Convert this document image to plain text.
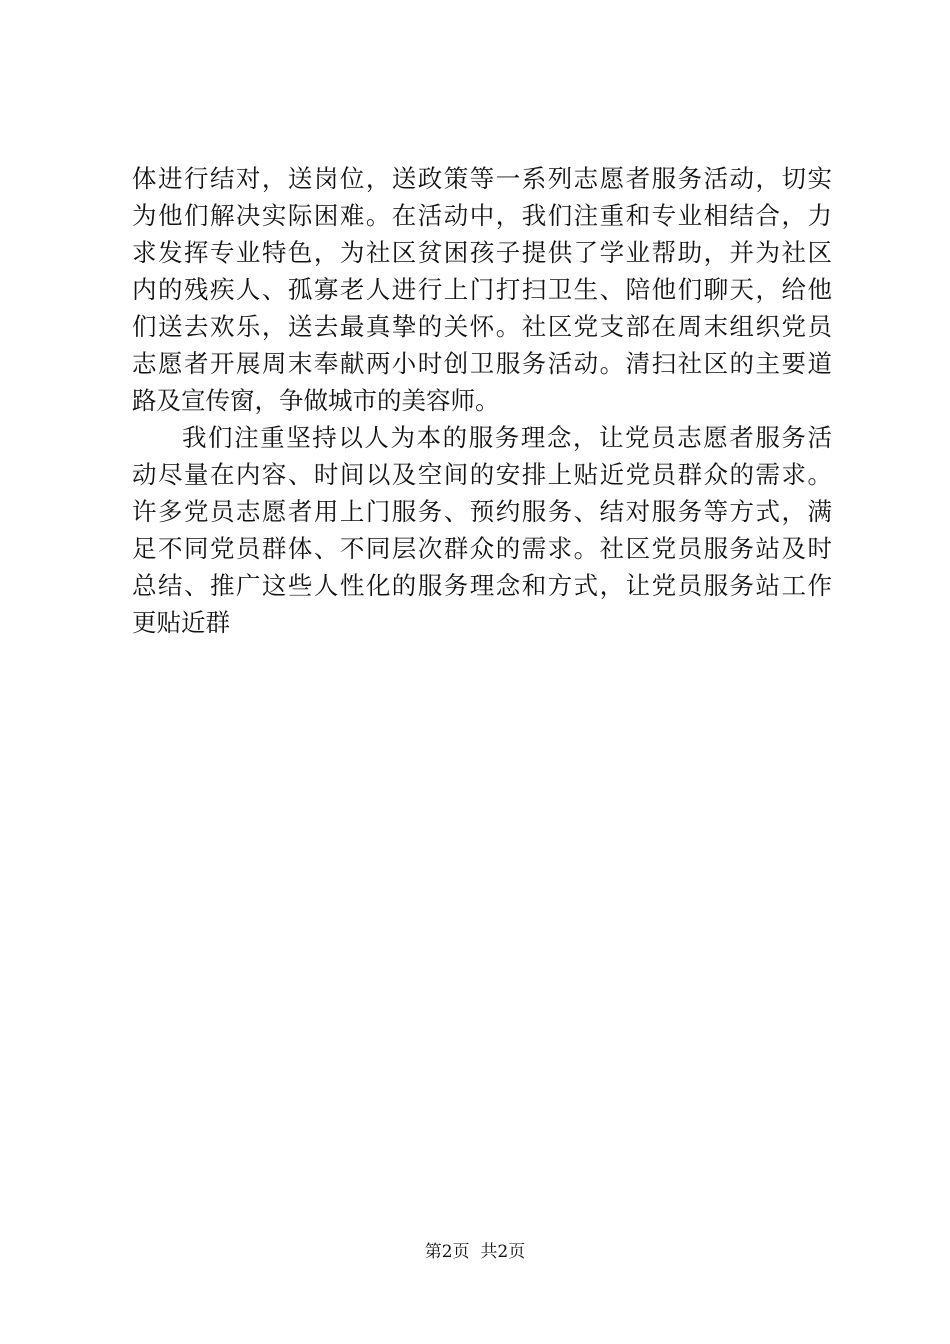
体进行结对，送岗位，送政策等一系列志愿者服务活动，切实
为他们解决实际困难。在活动中，我们注重和专业相结合，力
求发挥专业特色，为社区贫困孩子提供了学业帮助，并为社区
内的残疾人、孤寡老人进行上门打扫卫生、陪他们聊天，给他
们送去欢乐，送去最真挚的关怀。社区党支部在周末组织党员
志愿者开展周末奉献两小时创卫服务活动。清扫社区的主要道
路及宣传窗，争做城市的美容师。
我们注重坚持以人为本的服务理念，让党员志愿者服务活
动尽量在内容、时间以及空间的安排上贴近党员群众的需求。
许多党员志愿者用上门服务、预约服务、结对服务等方式，满
足不同党员群体、不同层次群众的需求。社区党员服务站及时
总结、推广这些人性化的服务理念和方式，让党员服务站工作
更贴近群
第2页  共2页
